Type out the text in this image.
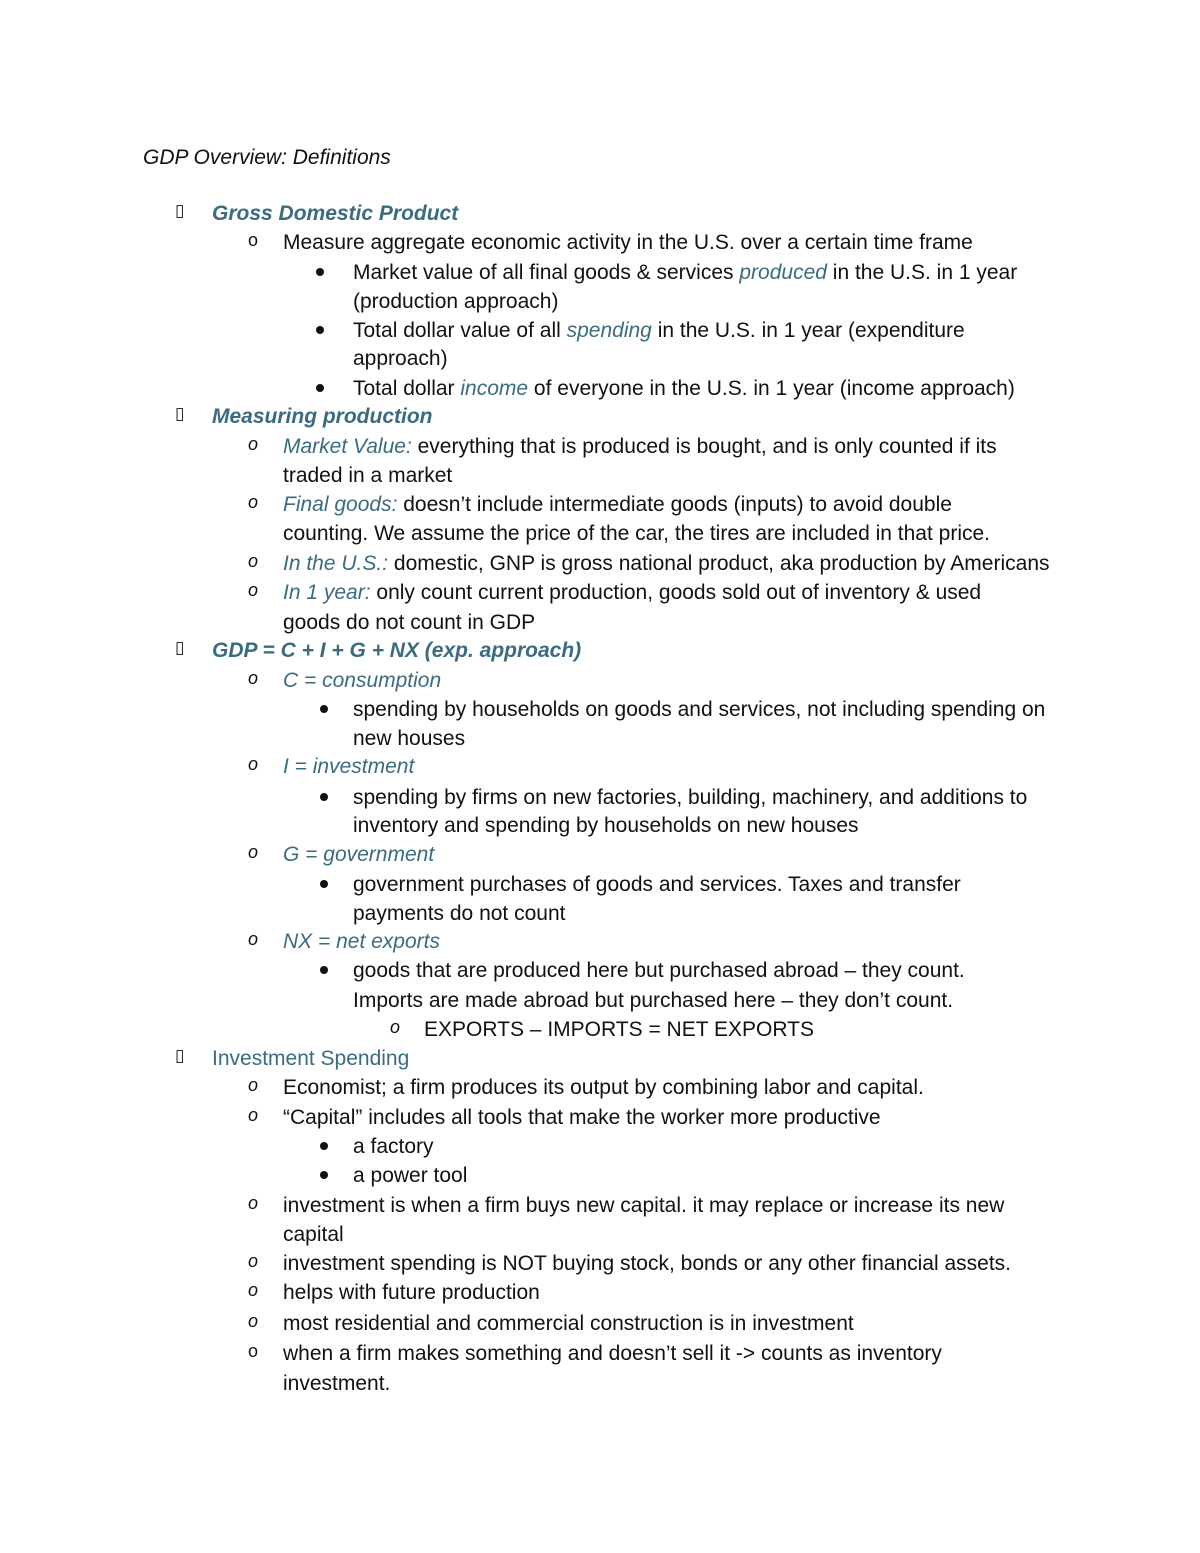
GDP Overview: Definitions
▯	Gross Domestic Product
o	Measure aggregate economic activity in the U.S. over a certain time frame
Market value of all final goods & services produced in the U.S. in 1 year
(production approach)
Total dollar value of all spending in the U.S. in 1 year (expenditure
approach)
Total dollar income of everyone in the U.S. in 1 year (income approach)
▯	Measuring production
o	Market Value: everything that is produced is bought, and is only counted if its
traded in a market
o	Final goods: doesn’t include intermediate goods (inputs) to avoid double
counting. We assume the price of the car, the tires are included in that price.
o	In the U.S.: domestic, GNP is gross national product, aka production by Americans
o	In 1 year: only count current production, goods sold out of inventory & used
goods do not count in GDP
▯	GDP = C + I + G + NX (exp. approach)
o	C = consumption
spending by households on goods and services, not including spending on
new houses
o	I = investment
spending by firms on new factories, building, machinery, and additions to
inventory and spending by households on new houses
o	G = government
government purchases of goods and services. Taxes and transfer
payments do not count
o	NX = net exports
goods that are produced here but purchased abroad – they count.
Imports are made abroad but purchased here – they don’t count.
o	EXPORTS – IMPORTS = NET EXPORTS
▯	Investment Spending
o	Economist; a firm produces its output by combining labor and capital.
o	“Capital” includes all tools that make the worker more productive
a factory
a power tool
o	investment is when a firm buys new capital. it may replace or increase its new
capital
o	investment spending is NOT buying stock, bonds or any other financial assets.
o	helps with future production
o	most residential and commercial construction is in investment
o	when a firm makes something and doesn’t sell it -> counts as inventory
investment.
